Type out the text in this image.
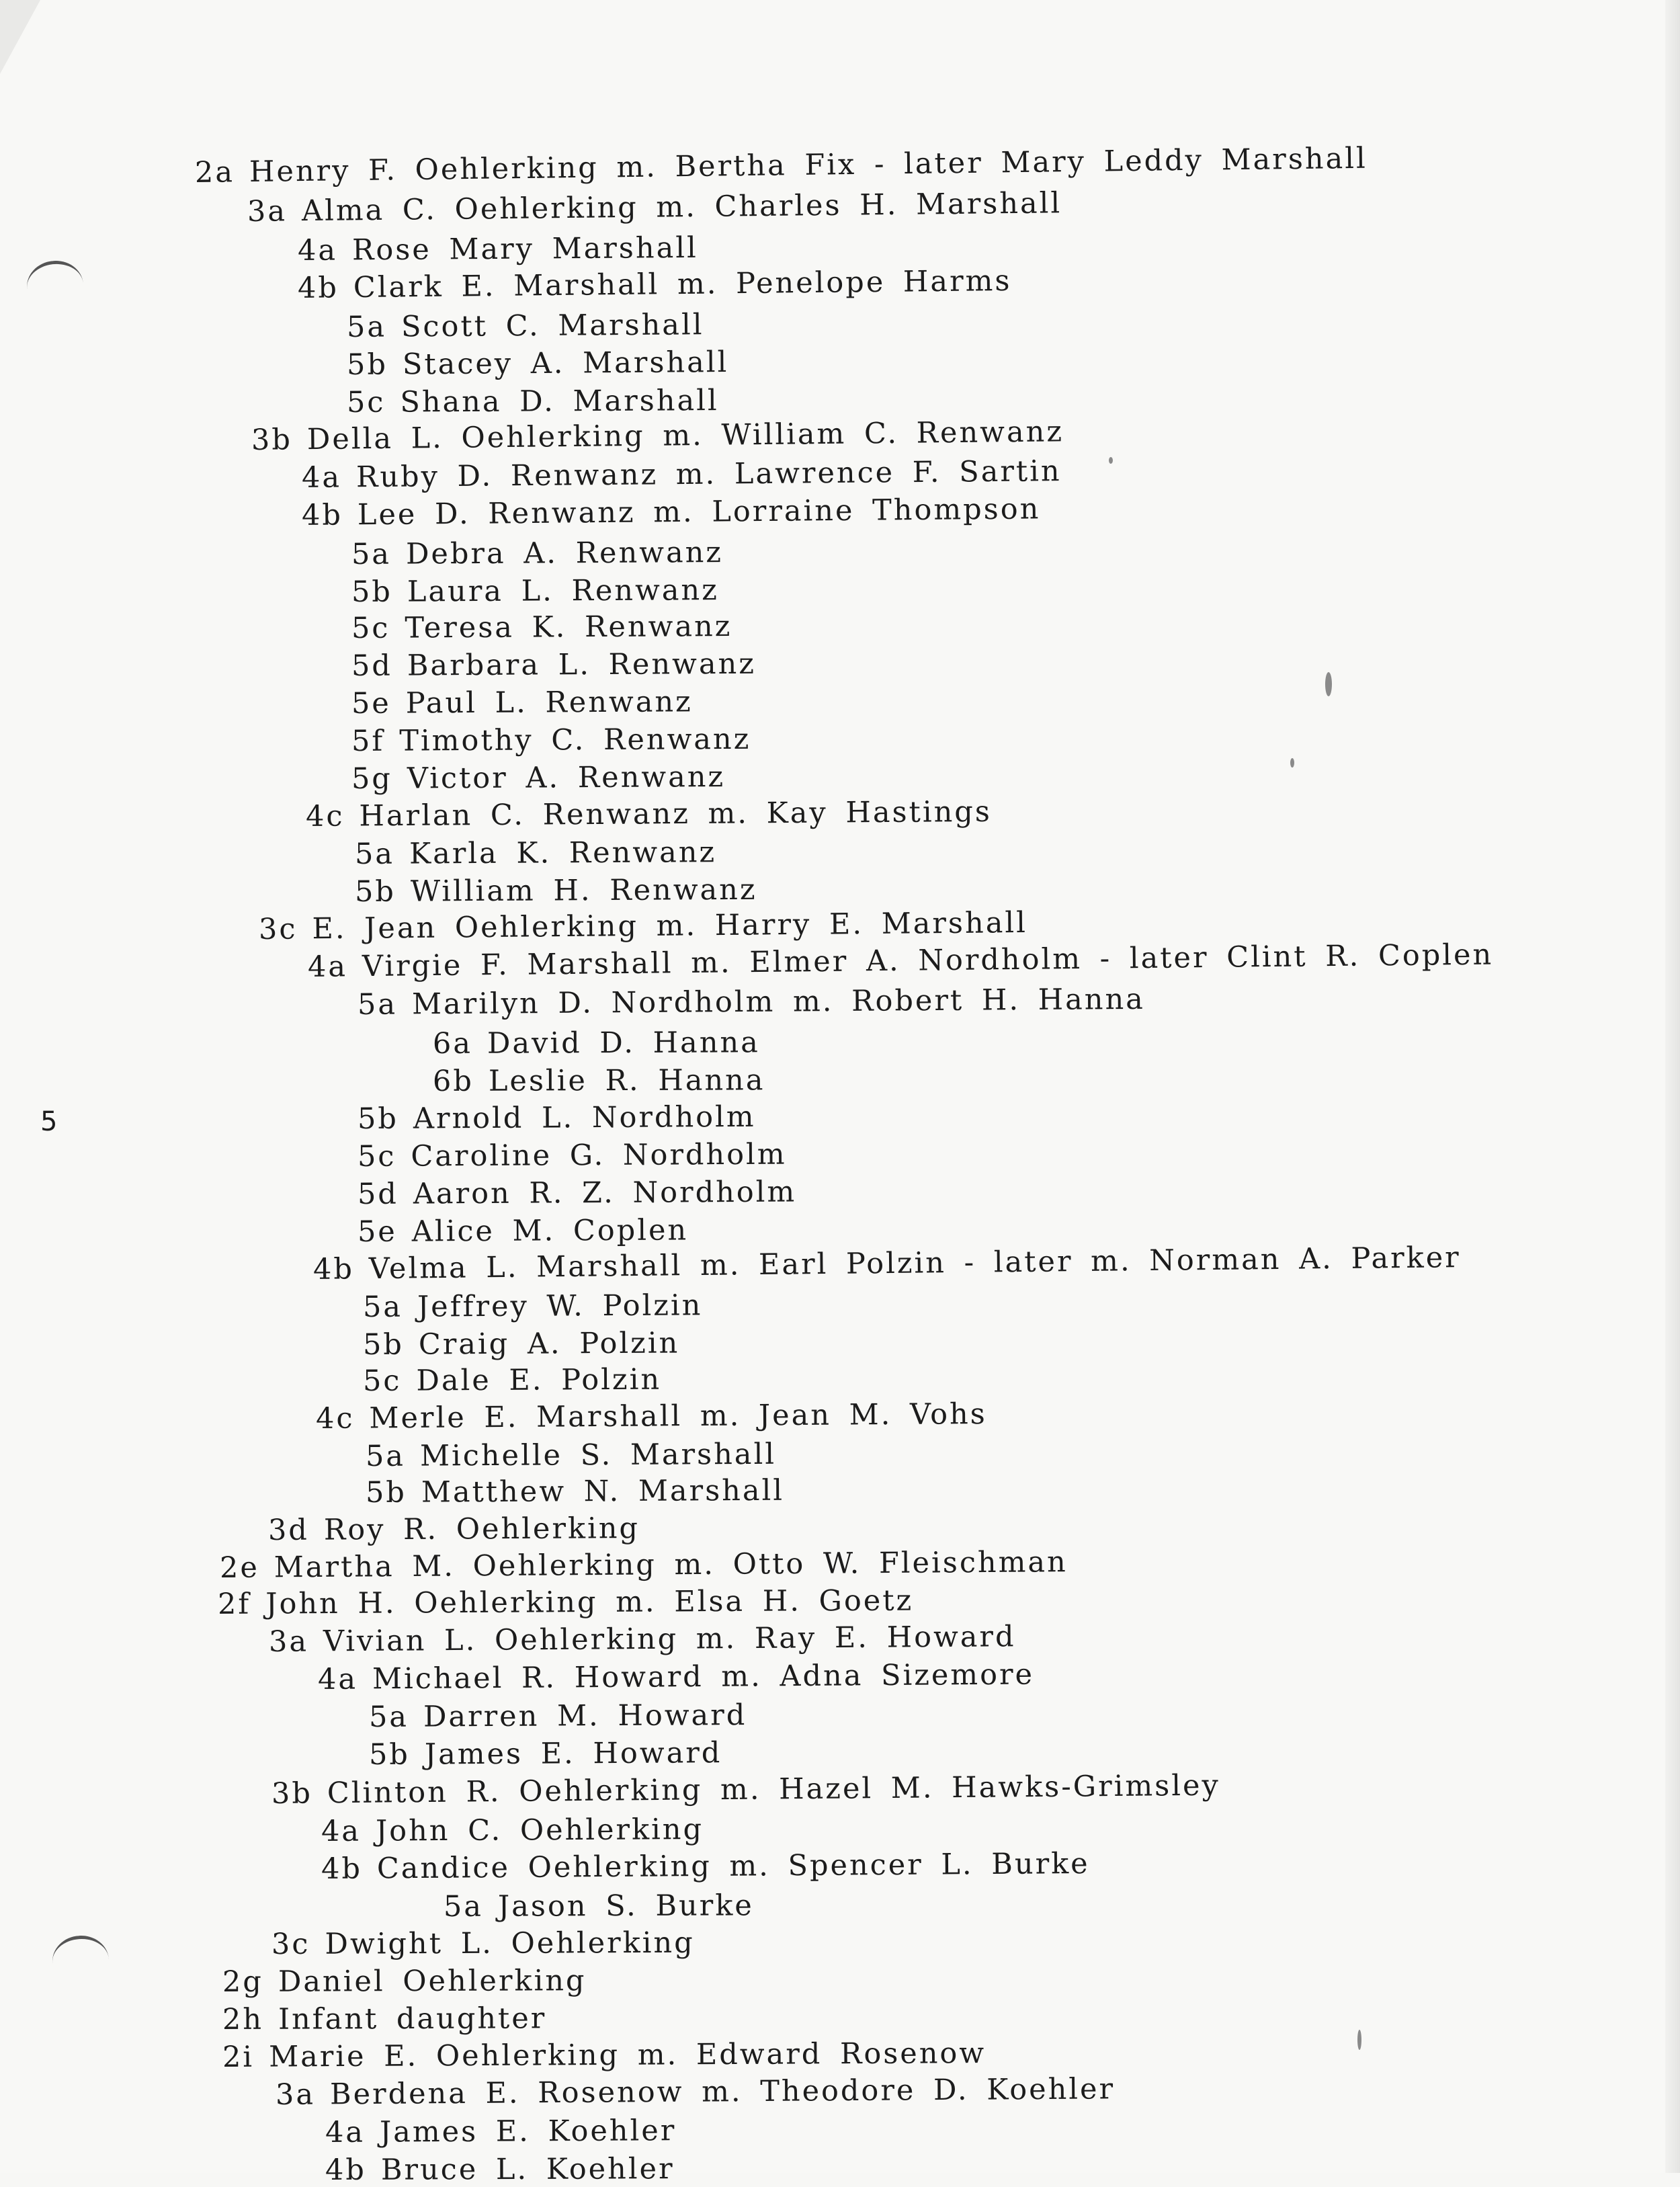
5
2a Henry F. Oehlerking m. Bertha Fix - later Mary Leddy Marshall
3a Alma C. Oehlerking m. Charles H. Marshall
4a Rose Mary Marshall
4b Clark E. Marshall m. Penelope Harms
5a Scott C. Marshall
5b Stacey A. Marshall
5c Shana D. Marshall
3b Della L. Oehlerking m. William C. Renwanz
4a Ruby D. Renwanz m. Lawrence F. Sartin
4b Lee D. Renwanz m. Lorraine Thompson
5a Debra A. Renwanz
5b Laura L. Renwanz
5c Teresa K. Renwanz
5d Barbara L. Renwanz
5e Paul L. Renwanz
5f Timothy C. Renwanz
5g Victor A. Renwanz
4c Harlan C. Renwanz m. Kay Hastings
5a Karla K. Renwanz
5b William H. Renwanz
3c E. Jean Oehlerking m. Harry E. Marshall
4a Virgie F. Marshall m. Elmer A. Nordholm - later Clint R. Coplen
5a Marilyn D. Nordholm m. Robert H. Hanna
6a David D. Hanna
6b Leslie R. Hanna
5b Arnold L. Nordholm
5c Caroline G. Nordholm
5d Aaron R. Z. Nordholm
5e Alice M. Coplen
4b Velma L. Marshall m. Earl Polzin - later m. Norman A. Parker
5a Jeffrey W. Polzin
5b Craig A. Polzin
5c Dale E. Polzin
4c Merle E. Marshall m. Jean M. Vohs
5a Michelle S. Marshall
5b Matthew N. Marshall
3d Roy R. Oehlerking
2e Martha M. Oehlerking m. Otto W. Fleischman
2f John H. Oehlerking m. Elsa H. Goetz
3a Vivian L. Oehlerking m. Ray E. Howard
4a Michael R. Howard m. Adna Sizemore
5a Darren M. Howard
5b James E. Howard
3b Clinton R. Oehlerking m. Hazel M. Hawks-Grimsley
4a John C. Oehlerking
4b Candice Oehlerking m. Spencer L. Burke
5a Jason S. Burke
3c Dwight L. Oehlerking
2g Daniel Oehlerking
2h Infant daughter
2i Marie E. Oehlerking m. Edward Rosenow
3a Berdena E. Rosenow m. Theodore D. Koehler
4a James E. Koehler
4b Bruce L. Koehler
